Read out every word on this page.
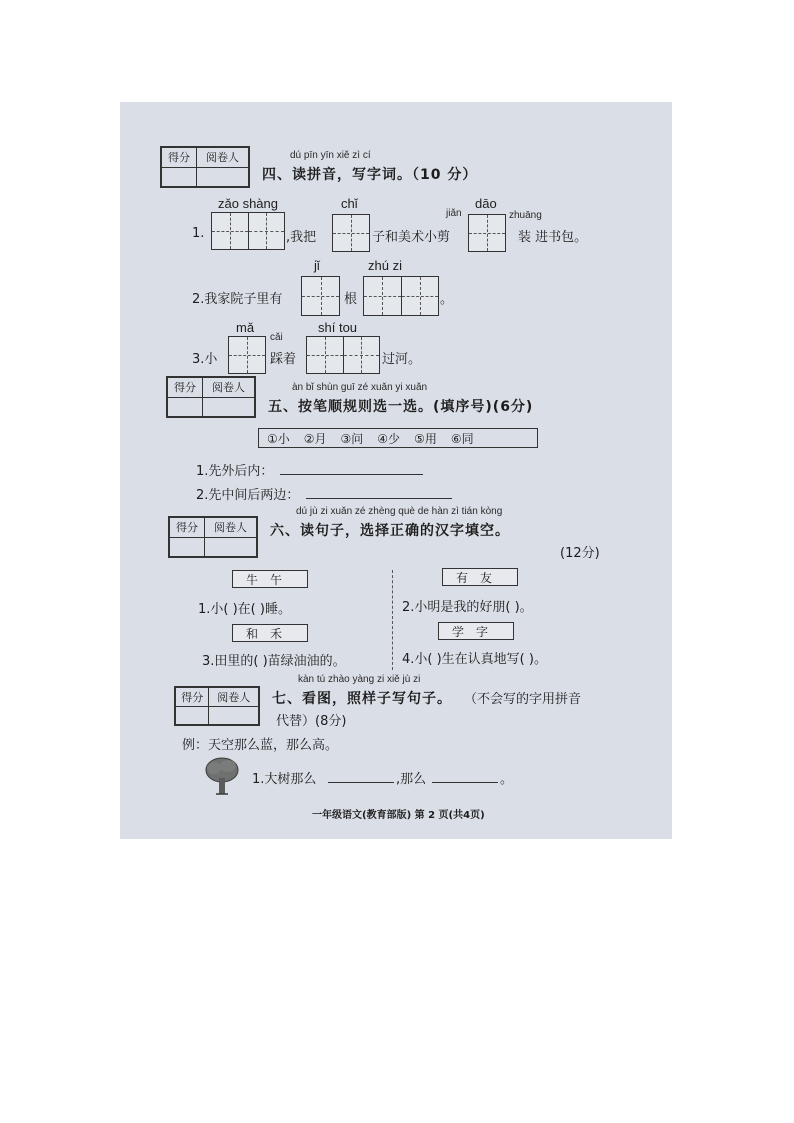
得分	阅卷人
		dú pīn yīn xiě zì cí
四、读拼音，写字词。（10 分）
zǎo shàng	chǐ
jiǎn
dāo
zhuāng
1.	,我把	子和美术小剪	装 进书包。
jǐ	zhú zi
2.我家院子里有	根	。
mǎ
cǎi
shí tou
3.小	踩着	过河。
得分	阅卷人
		àn bǐ shùn guī zé xuǎn yi xuǎn
五、按笔顺规则选一选。(填序号)(6分)
①小 ②月 ③问 ④少 ⑤用 ⑥同
1.先外后内：
2.先中间后两边：
得分	阅卷人

dú jù zi xuǎn zé zhèng què de hàn zì tián kòng
六、读句子，选择正确的汉字填空。
(12分)
牛午	有友
1.小( )在( )睡。	2.小明是我的好朋( )。
和禾	学字
3.田里的( )苗绿油油的。	4.小( )生在认真地写( )。
得分	阅卷人

kàn tú zhào yàng zi xiě jù zi
七、看图，照样子写句子。 （不会写的字用拼音
代替）(8分)
例：天空那么蓝，那么高。
1.大树那么	,那么	。
一年级语文(教育部版) 第 2 页(共4页)
